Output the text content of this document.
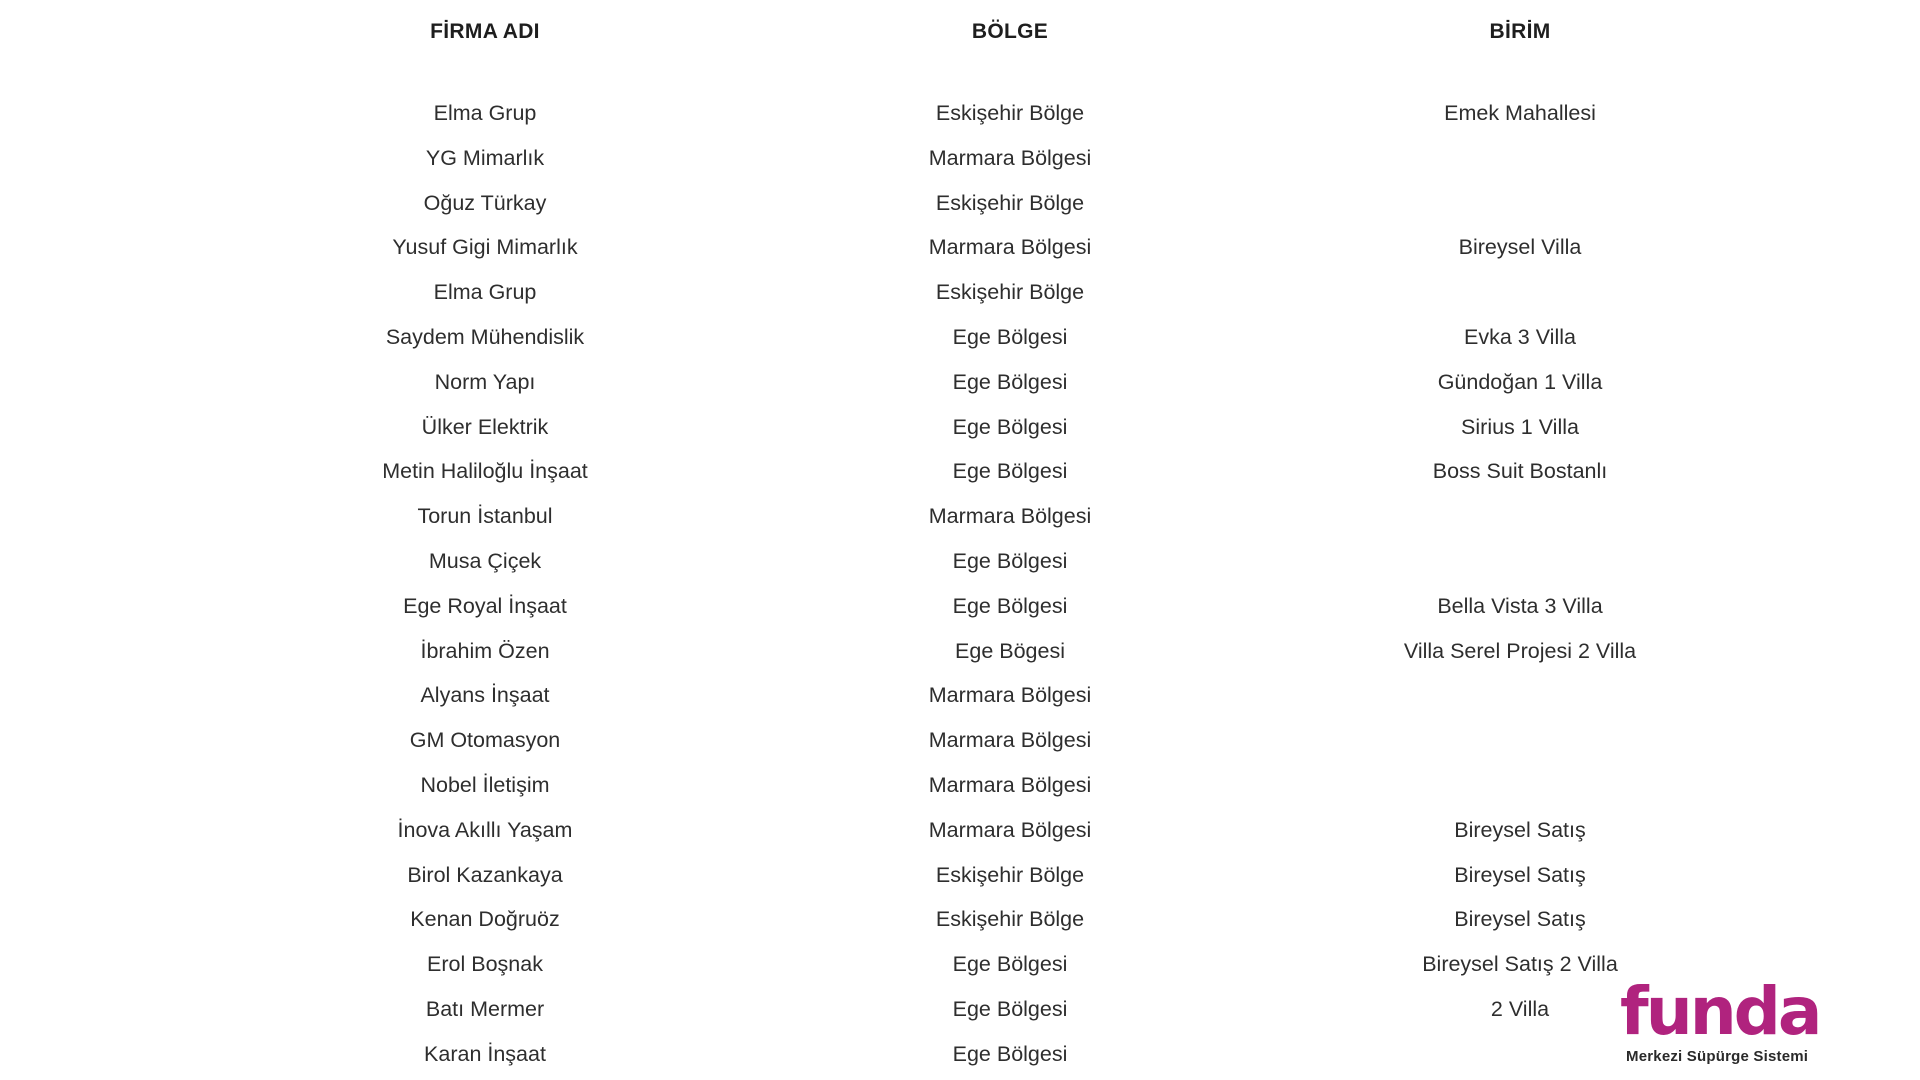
FİRMA ADI	BÖLGE	BİRİM
Elma Grup	Eskişehir Bölge	Emek Mahallesi
YG Mimarlık	Marmara Bölgesi
Oğuz Türkay	Eskişehir Bölge
Yusuf Gigi Mimarlık	Marmara Bölgesi	Bireysel Villa
Elma Grup	Eskişehir Bölge
Saydem Mühendislik	Ege Bölgesi	Evka 3 Villa
Norm Yapı	Ege Bölgesi	Gündoğan 1 Villa
Ülker Elektrik	Ege Bölgesi	Sirius 1 Villa
Metin Haliloğlu İnşaat	Ege Bölgesi	Boss Suit Bostanlı
Torun İstanbul	Marmara Bölgesi
Musa Çiçek	Ege Bölgesi
Ege Royal İnşaat	Ege Bölgesi	Bella Vista 3 Villa
İbrahim Özen	Ege Bögesi	Villa Serel Projesi 2 Villa
Alyans İnşaat	Marmara Bölgesi
GM Otomasyon	Marmara Bölgesi
Nobel İletişim	Marmara Bölgesi
İnova Akıllı Yaşam	Marmara Bölgesi	Bireysel Satış
Birol Kazankaya	Eskişehir Bölge	Bireysel Satış
Kenan Doğruöz	Eskişehir Bölge	Bireysel Satış
Erol Boşnak	Ege Bölgesi	Bireysel Satış 2 Villa
Batı Mermer	Ege Bölgesi	2 Villa
Karan İnşaat	Ege Bölgesi
funda
Merkezi Süpürge Sistemi
